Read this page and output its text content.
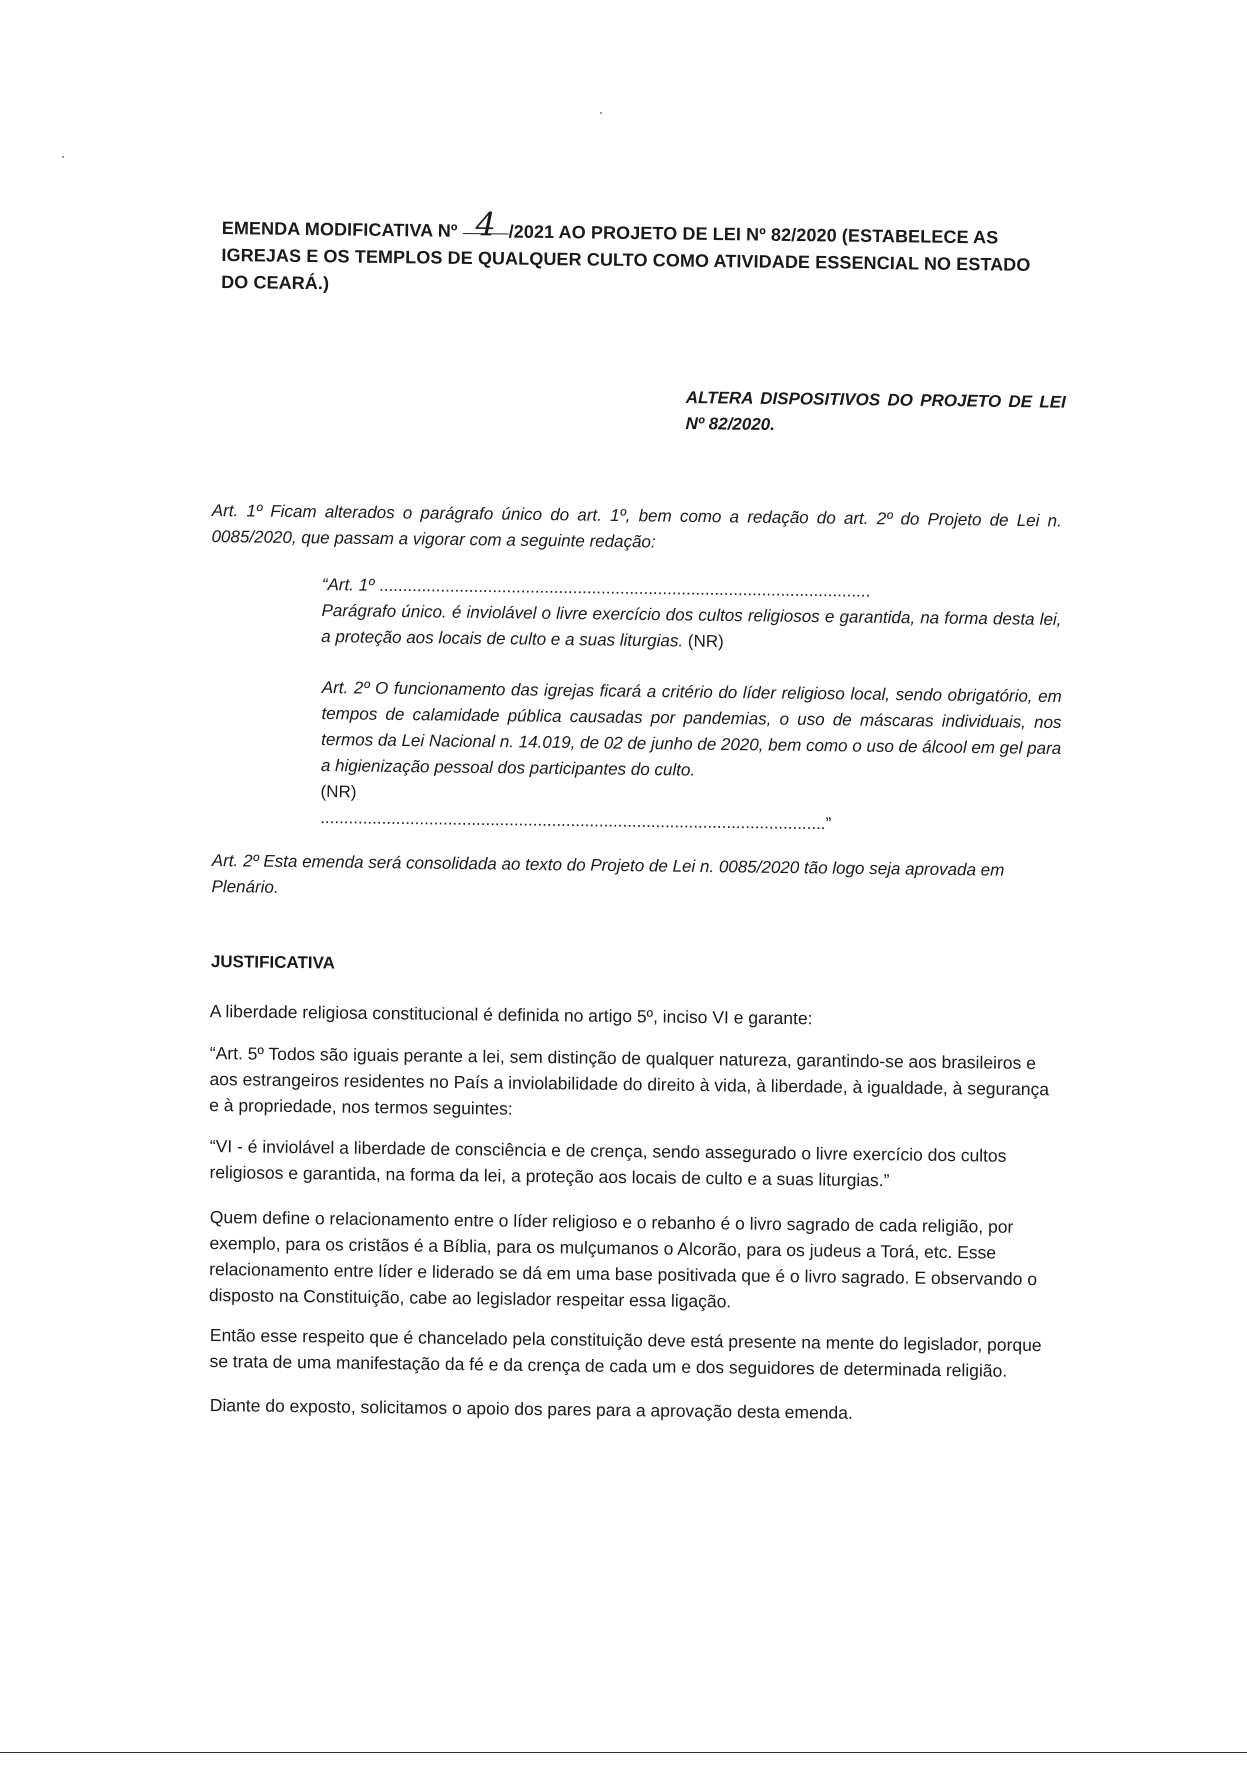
EMENDA MODIFICATIVA Nº 4 /2021 AO PROJETO DE LEI Nº 82/2020 (ESTABELECE AS IGREJAS E OS TEMPLOS DE QUALQUER CULTO COMO ATIVIDADE ESSENCIAL NO ESTADO DO CEARÁ.)
ALTERA DISPOSITIVOS DO PROJETO DE LEI Nº 82/2020.
Art. 1º Ficam alterados o parágrafo único do art. 1º, bem como a redação do art. 2º do Projeto de Lei n. 0085/2020, que passam a vigorar com a seguinte redação:
“Art. 1º ........................................................................................................
Parágrafo único. é inviolável o livre exercício dos cultos religiosos e garantida, na forma desta lei, a proteção aos locais de culto e a suas liturgias. (NR)
Art. 2º O funcionamento das igrejas ficará a critério do líder religioso local, sendo obrigatório, em tempos de calamidade pública causadas por pandemias, o uso de máscaras individuais, nos termos da Lei Nacional n. 14.019, de 02 de junho de 2020, bem como o uso de álcool em gel para a higienização pessoal dos participantes do culto.
(NR)
...........................................................................................................”
Art. 2º Esta emenda será consolidada ao texto do Projeto de Lei n. 0085/2020 tão logo seja aprovada em Plenário.
JUSTIFICATIVA
A liberdade religiosa constitucional é definida no artigo 5º, inciso VI e garante:
“Art. 5º Todos são iguais perante a lei, sem distinção de qualquer natureza, garantindo-se aos brasileiros e aos estrangeiros residentes no País a inviolabilidade do direito à vida, à liberdade, à igualdade, à segurança e à propriedade, nos termos seguintes:
“VI - é inviolável a liberdade de consciência e de crença, sendo assegurado o livre exercício dos cultos religiosos e garantida, na forma da lei, a proteção aos locais de culto e a suas liturgias.”
Quem define o relacionamento entre o líder religioso e o rebanho é o livro sagrado de cada religião, por exemplo, para os cristãos é a Bíblia, para os mulçumanos o Alcorão, para os judeus a Torá, etc. Esse relacionamento entre líder e liderado se dá em uma base positivada que é o livro sagrado. E observando o disposto na Constituição, cabe ao legislador respeitar essa ligação.
Então esse respeito que é chancelado pela constituição deve está presente na mente do legislador, porque se trata de uma manifestação da fé e da crença de cada um e dos seguidores de determinada religião.
Diante do exposto, solicitamos o apoio dos pares para a aprovação desta emenda.
